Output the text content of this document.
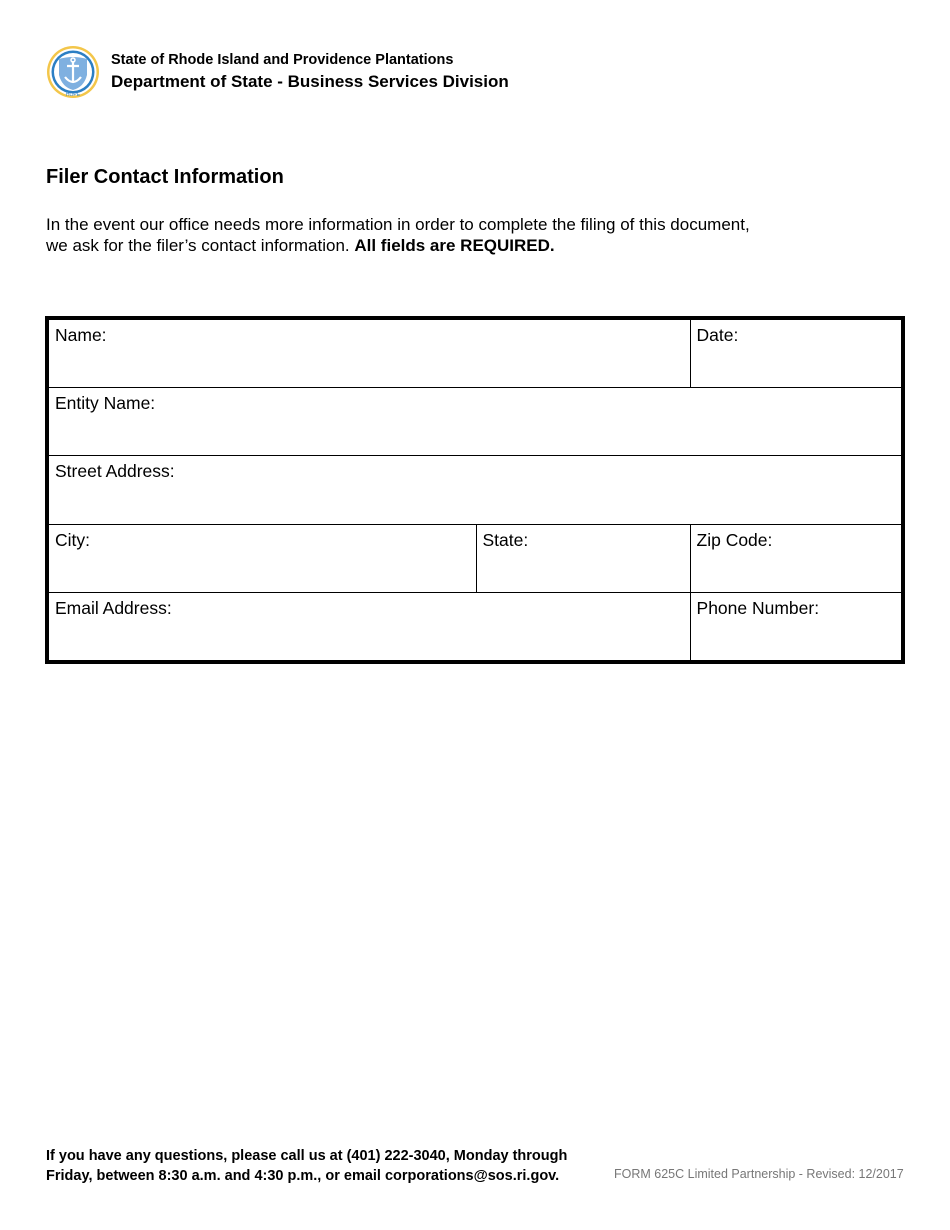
HOPE
State of Rhode Island and Providence Plantations
Department of State - Business Services Division
Filer Contact Information
In the event our office needs more information in order to complete the filing of this document, we ask for the filer’s contact information. All fields are REQUIRED.
Name:		Date:
Entity Name:		
Street Address:		
City:	State:	Zip Code:
Email Address:		Phone Number:
If you have any questions, please call us at (401) 222-3040, Monday through
Friday, between 8:30 a.m. and 4:30 p.m., or email corporations@sos.ri.gov.	FORM 625C Limited Partnership - Revised: 12/2017
